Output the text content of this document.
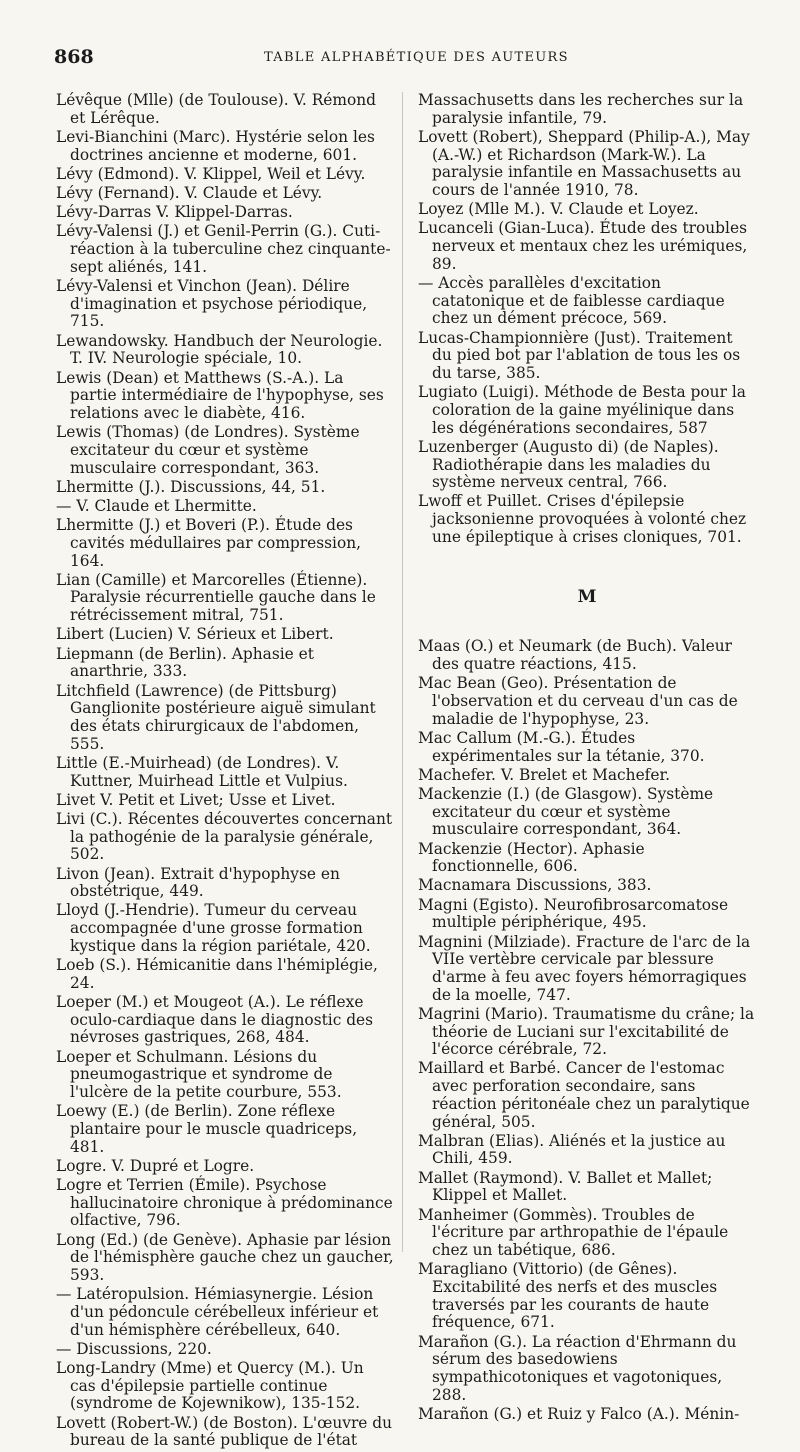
868	TABLE ALPHABÉTIQUE DES AUTEURS

Lévêque (Mlle) (de Toulouse). V. Rémond et Lérêque.

Levi-Bianchini (Marc). Hystérie selon les doctrines ancienne et moderne, 601.

Lévy (Edmond). V. Klippel, Weil et Lévy.

Lévy (Fernand). V. Claude et Lévy.

Lévy-Darras V. Klippel-Darras.

Lévy-Valensi (J.) et Genil-Perrin (G.). Cuti-réaction à la tuberculine chez cinquante-sept aliénés, 141.

Lévy-Valensi et Vinchon (Jean). Délire d'imagination et psychose périodique, 715.

Lewandowsky. Handbuch der Neurologie. T. IV. Neurologie spéciale, 10.

Lewis (Dean) et Matthews (S.-A.). La partie intermédiaire de l'hypophyse, ses relations avec le diabète, 416.

Lewis (Thomas) (de Londres). Système excitateur du cœur et système musculaire correspondant, 363.

Lhermitte (J.). Discussions, 44, 51.

— V. Claude et Lhermitte.

Lhermitte (J.) et Boveri (P.). Étude des cavités médullaires par compression, 164.

Lian (Camille) et Marcorelles (Étienne). Paralysie récurrentielle gauche dans le rétrécissement mitral, 751.

Libert (Lucien) V. Sérieux et Libert.

Liepmann (de Berlin). Aphasie et anarthrie, 333.

Litchfield (Lawrence) (de Pittsburg) Ganglionite postérieure aiguë simulant des états chirurgicaux de l'abdomen, 555.

Little (E.-Muirhead) (de Londres). V. Kuttner, Muirhead Little et Vulpius.

Livet V. Petit et Livet; Usse et Livet.

Livi (C.). Récentes découvertes concernant la pathogénie de la paralysie générale, 502.

Livon (Jean). Extrait d'hypophyse en obstétrique, 449.

Lloyd (J.-Hendrie). Tumeur du cerveau accompagnée d'une grosse formation kystique dans la région pariétale, 420.

Loeb (S.). Hémicanitie dans l'hémiplégie, 24.

Loeper (M.) et Mougeot (A.). Le réflexe oculo-cardiaque dans le diagnostic des névroses gastriques, 268, 484.

Loeper et Schulmann. Lésions du pneumogastrique et syndrome de l'ulcère de la petite courbure, 553.

Loewy (E.) (de Berlin). Zone réflexe plantaire pour le muscle quadriceps, 481.

Logre. V. Dupré et Logre.

Logre et Terrien (Émile). Psychose hallucinatoire chronique à prédominance olfactive, 796.

Long (Ed.) (de Genève). Aphasie par lésion de l'hémisphère gauche chez un gaucher, 593.

— Latéropulsion. Hémiasynergie. Lésion d'un pédoncule cérébelleux inférieur et d'un hémisphère cérébelleux, 640.

— Discussions, 220.

Long-Landry (Mme) et Quercy (M.). Un cas d'épilepsie partielle continue (syndrome de Kojewnikow), 135-152.

Lovett (Robert-W.) (de Boston). L'œuvre du bureau de la santé publique de l'état

Massachusetts dans les recherches sur la paralysie infantile, 79.

Lovett (Robert), Sheppard (Philip-A.), May (A.-W.) et Richardson (Mark-W.). La paralysie infantile en Massachusetts au cours de l'année 1910, 78.

Loyez (Mlle M.). V. Claude et Loyez.

Lucanceli (Gian-Luca). Étude des troubles nerveux et mentaux chez les urémiques, 89.

— Accès parallèles d'excitation catatonique et de faiblesse cardiaque chez un dément précoce, 569.

Lucas-Championnière (Just). Traitement du pied bot par l'ablation de tous les os du tarse, 385.

Lugiato (Luigi). Méthode de Besta pour la coloration de la gaine myélinique dans les dégénérations secondaires, 587

Luzenberger (Augusto di) (de Naples). Radiothérapie dans les maladies du système nerveux central, 766.

Lwoff et Puillet. Crises d'épilepsie jacksonienne provoquées à volonté chez une épileptique à crises cloniques, 701.

M

Maas (O.) et Neumark (de Buch). Valeur des quatre réactions, 415.

Mac Bean (Geo). Présentation de l'observation et du cerveau d'un cas de maladie de l'hypophyse, 23.

Mac Callum (M.-G.). Études expérimentales sur la tétanie, 370.

Machefer. V. Brelet et Machefer.

Mackenzie (I.) (de Glasgow). Système excitateur du cœur et système musculaire correspondant, 364.

Mackenzie (Hector). Aphasie fonctionnelle, 606.

Macnamara Discussions, 383.

Magni (Egisto). Neurofibrosarcomatose multiple périphérique, 495.

Magnini (Milziade). Fracture de l'arc de la VIIe vertèbre cervicale par blessure d'arme à feu avec foyers hémorragiques de la moelle, 747.

Magrini (Mario). Traumatisme du crâne; la théorie de Luciani sur l'excitabilité de l'écorce cérébrale, 72.

Maillard et Barbé. Cancer de l'estomac avec perforation secondaire, sans réaction péritonéale chez un paralytique général, 505.

Malbran (Elias). Aliénés et la justice au Chili, 459.

Mallet (Raymond). V. Ballet et Mallet; Klippel et Mallet.

Manheimer (Gommès). Troubles de l'écriture par arthropathie de l'épaule chez un tabétique, 686.

Maragliano (Vittorio) (de Gênes). Excitabilité des nerfs et des muscles traversés par les courants de haute fréquence, 671.

Marañon (G.). La réaction d'Ehrmann du sérum des basedowiens sympathicotoniques et vagotoniques, 288.

Marañon (G.) et Ruiz y Falco (A.). Ménin-
